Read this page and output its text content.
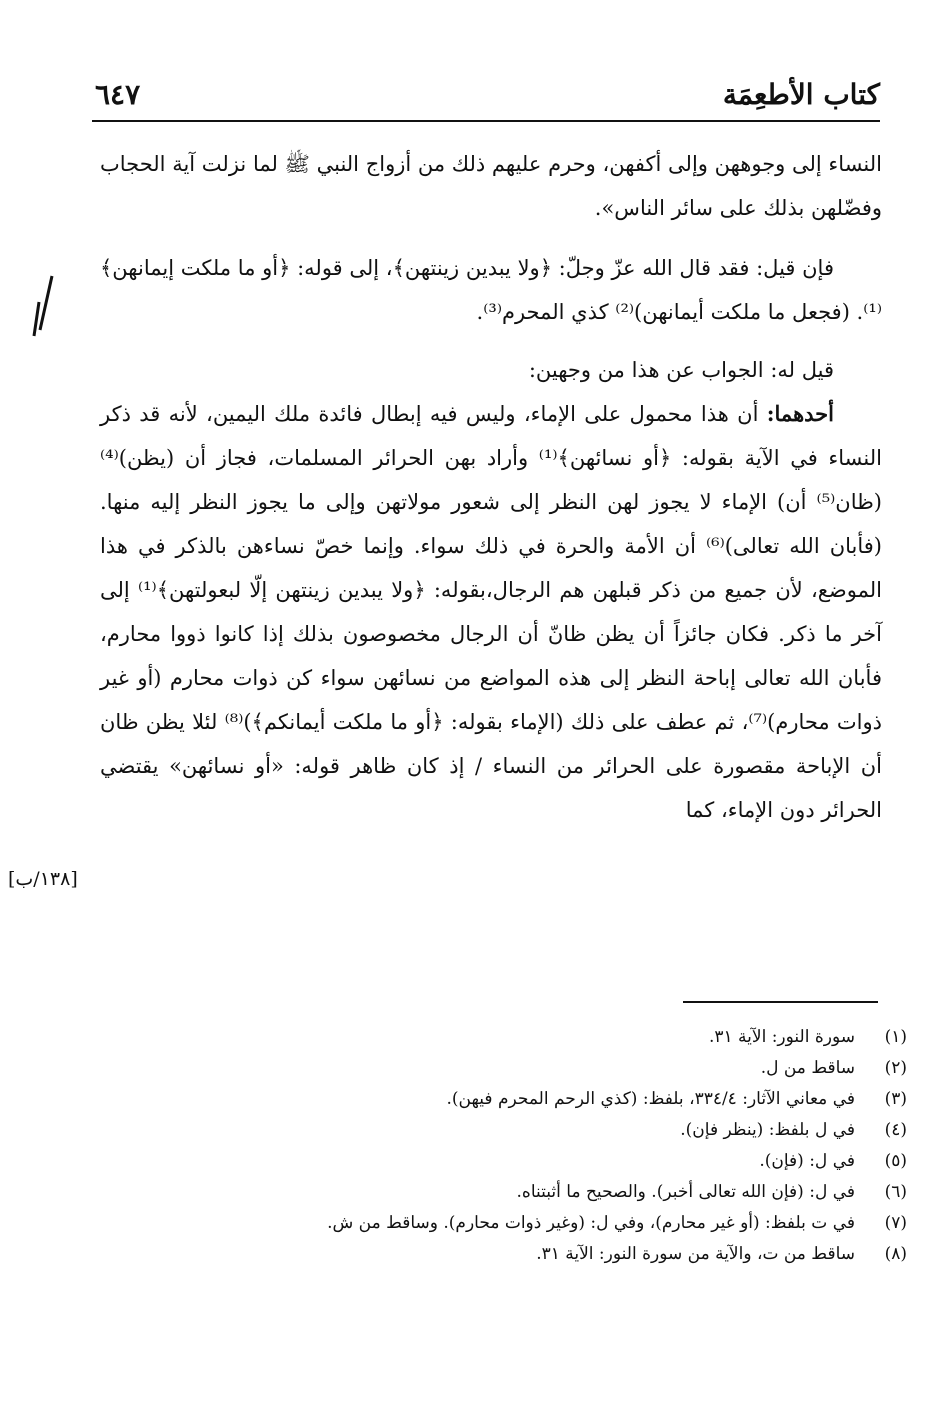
كتاب الأطعِمَة
٦٤٧

النساء إلى وجوههن وإلى أكفهن، وحرم عليهم ذلك من أزواج النبي ﷺ لما نزلت آية الحجاب وفضّلهن بذلك على سائر الناس».

فإن قيل: فقد قال الله عزّ وجلّ: ﴿ولا يبدين زينتهن﴾، إلى قوله: ﴿أو ما ملكت إيمانهن﴾⁽¹⁾. (فجعل ما ملكت أيمانهن)⁽²⁾ كذي المحرم⁽³⁾.

قيل له: الجواب عن هذا من وجهين:

أحدهما: أن هذا محمول على الإماء، وليس فيه إبطال فائدة ملك اليمين، لأنه قد ذكر النساء في الآية بقوله: ﴿أو نسائهن﴾⁽¹⁾ وأراد بهن الحرائر المسلمات، فجاز أن (يظن)⁽⁴⁾ (ظان⁽⁵⁾ أن) الإماء لا يجوز لهن النظر إلى شعور مولاتهن وإلى ما يجوز النظر إليه منها. (فأبان الله تعالى)⁽⁶⁾ أن الأمة والحرة في ذلك سواء. وإنما خصّ نساءهن بالذكر في هذا الموضع، لأن جميع من ذكر قبلهن هم الرجال،بقوله: ﴿ولا يبدين زينتهن إلّا لبعولتهن﴾⁽¹⁾ إلى آخر ما ذكر. فكان جائزاً أن يظن ظانّ أن الرجال مخصوصون بذلك إذا كانوا ذووا محارم، فأبان الله تعالى إباحة النظر إلى هذه المواضع من نسائهن سواء كن ذوات محارم (أو غير ذوات محارم)⁽⁷⁾، ثم عطف على ذلك (الإماء بقوله: ﴿أو ما ملكت أيمانكم﴾)⁽⁸⁾ لئلا يظن ظان أن الإباحة مقصورة على الحرائر من النساء / إذ كان ظاهر قوله: «أو نسائهن» يقتضي الحرائر دون الإماء، كما

[١٣٨/ب]
(١)
سورة النور: الآية ٣١.
(٢)
ساقط من ل.
(٣)
في معاني الآثار: ٣٣٤/٤، بلفظ: (كذي الرحم المحرم فيهن).
(٤)
في ل بلفظ: (ينظر فإن).
(٥)
في ل: (فإن).
(٦)
في ل: (فإن الله تعالى أخبر). والصحيح ما أثبتناه.
(٧)
في ت بلفظ: (أو غير محارم)، وفي ل: (وغير ذوات محارم). وساقط من ش.
(٨)
ساقط من ت، والآية من سورة النور: الآية ٣١.
